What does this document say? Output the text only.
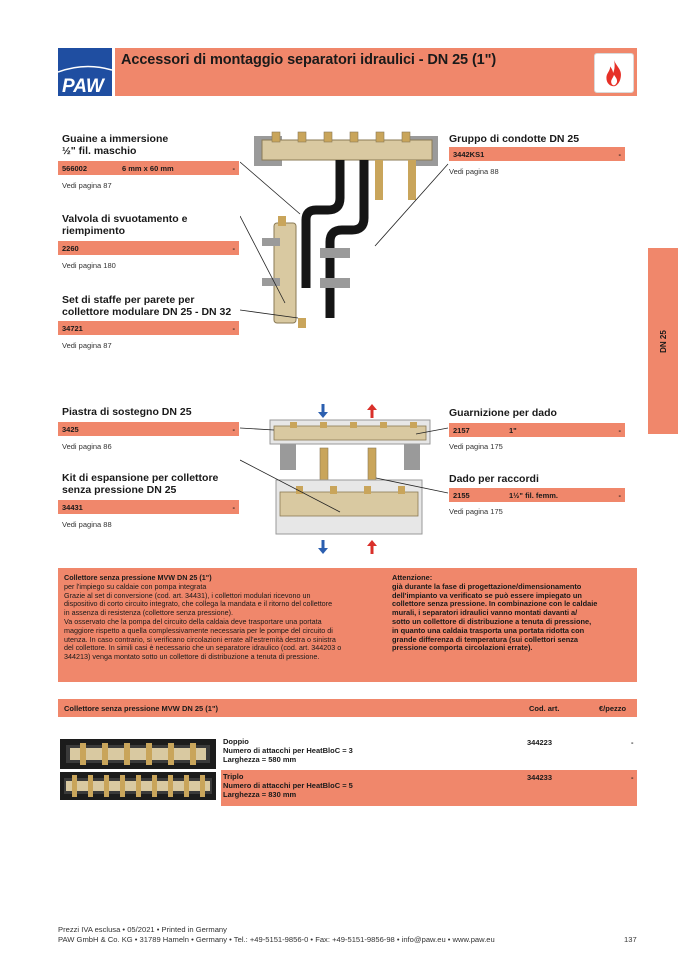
PAW
Accessori di montaggio separatori idraulici - DN 25 (1")
DN 25
Guaine a immersione
½" fil. maschio
566002	6 mm x 60 mm	-
Vedi pagina 87
Valvola di svuotamento e
riempimento
2260	-
Vedi pagina 180
Set di staffe per parete per
collettore modulare DN 25 - DN 32
34721	-
Vedi pagina 87
Gruppo di condotte DN 25
3442KS1	-
Vedi pagina 88
Piastra di sostegno DN 25
3425	-
Vedi pagina 86
Kit di espansione per collettore
senza pressione DN 25
34431	-
Vedi pagina 88
Guarnizione per dado
2157	1"	-
Vedi pagina 175
Dado per raccordi
2155	1½" fil. femm.	-
Vedi pagina 175
Collettore senza pressione MVW DN 25 (1")
per l'impiego su caldaie con pompa integrata
Grazie al set di conversione (cod. art. 34431), i collettori modulari ricevono un
dispositivo di corto circuito integrato, che collega la mandata e il ritorno del collettore
in assenza di resistenza (collettore senza pressione).
Va osservato che la pompa del circuito della caldaia deve trasportare una portata
maggiore rispetto a quella complessivamente necessaria per le pompe del circuito di
utenza. In caso contrario, si verificano circolazioni errate all'estremità destra o sinistra
del collettore. In simili casi è necessario che un separatore idraulico (cod. art. 344203 o
344213) venga montato sotto un collettore di distribuzione a tenuta di pressione.
Attenzione:
già durante la fase di progettazione/dimensionamento
dell'impianto va verificato se può essere impiegato un
collettore senza pressione. In combinazione con le caldaie
murali, i separatori idraulici vanno montati davanti a/
sotto un collettore di distribuzione a tenuta di pressione,
in quanto una caldaia trasporta una portata ridotta con
grande differenza di temperatura (sui collettori senza
pressione comporta circolazioni errate).
Collettore senza pressione MVW DN 25 (1")	Cod. art.	€/pezzo
Doppio
Numero di attacchi per HeatBloC = 3
Larghezza = 580 mm
344223	-
Triplo
Numero di attacchi per HeatBloC = 5
Larghezza = 830 mm
344233	-
Prezzi IVA esclusa • 05/2021 • Printed in Germany
PAW GmbH & Co. KG • 31789 Hameln • Germany • Tel.: +49-5151-9856-0 • Fax: +49-5151-9856-98 • info@paw.eu • www.paw.eu	137
